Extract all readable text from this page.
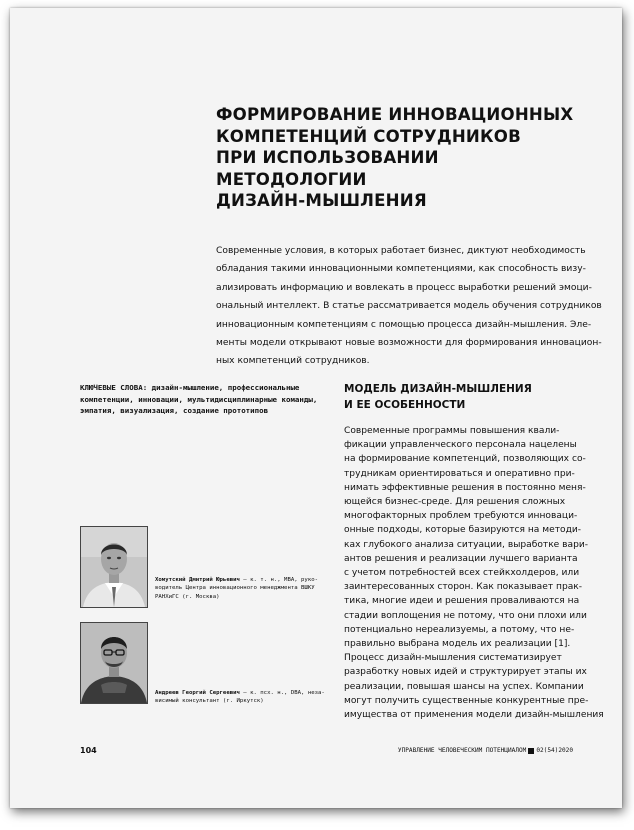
ФОРМИРОВАНИЕ ИННОВАЦИОННЫХ
КОМПЕТЕНЦИЙ СОТРУДНИКОВ
ПРИ ИСПОЛЬЗОВАНИИ МЕТОДОЛОГИИ
ДИЗАЙН-МЫШЛЕНИЯ
Современные условия, в которых работает бизнес, диктуют необходимость
обладания такими инновационными компетенциями, как способность визу-
ализировать информацию и вовлекать в процесс выработки решений эмоци-
ональный интеллект. В статье рассматривается модель обучения сотрудников
инновационным компетенциям с помощью процесса дизайн-мышления. Эле-
менты модели открывают новые возможности для формирования инновацион-
ных компетенций сотрудников.
КЛЮЧЕВЫЕ СЛОВА: дизайн-мышление, профессиональные
компетенции, инновации, мультидисциплинарные команды,
эмпатия, визуализация, создание прототипов
МОДЕЛЬ ДИЗАЙН-МЫШЛЕНИЯ
И ЕЕ ОСОБЕННОСТИ
Современные программы повышения квали-
фикации управленческого персонала нацелены
на формирование компетенций, позволяющих со-
трудникам ориентироваться и оперативно при-
нимать эффективные решения в постоянно меня-
ющейся бизнес-среде. Для решения сложных
многофакторных проблем требуются инноваци-
онные подходы, которые базируются на методи-
ках глубокого анализа ситуации, выработке вари-
антов решения и реализации лучшего варианта
с учетом потребностей всех стейкхолдеров, или
заинтересованных сторон. Как показывает прак-
тика, многие идеи и решения проваливаются на
стадии воплощения не потому, что они плохи или
потенциально нереализуемы, а потому, что не-
правильно выбрана модель их реализации [1].
Процесс дизайн-мышления систематизирует
разработку новых идей и структурирует этапы их
реализации, повышая шансы на успех. Компании
могут получить существенные конкурентные пре-
имущества от применения модели дизайн-мышления
Хомутский Дмитрий Юрьевич — к. т. н., MBA, руко-
водитель Центра инновационного менеджмента ВШКУ
РАНХиГС (г. Москва)
Андреев Георгий Сергеевич — к. псх. н., DBA, неза-
висимый консультант (г. Иркутск)
104	УПРАВЛЕНИЕ ЧЕЛОВЕЧЕСКИМ ПОТЕНЦИАЛОМ 02(54)2020
